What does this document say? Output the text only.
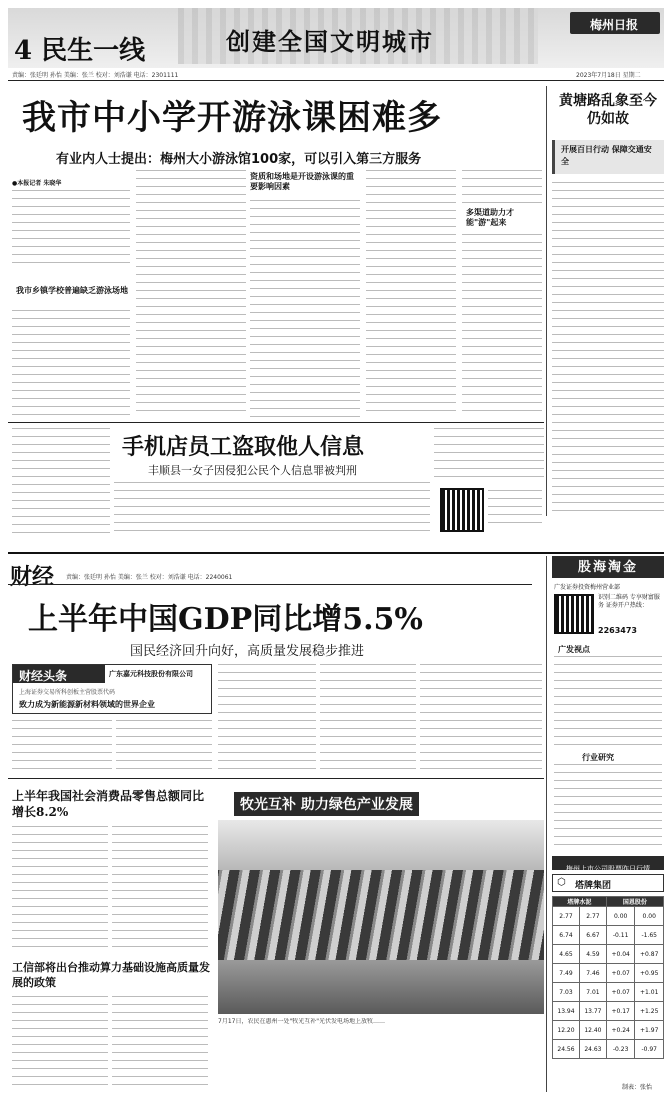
4 民生一线	创建全国文明城市
梅州日报
责编：张廷明 孙怡 美编：张兰 校对：刘浩谦 电话：2301111	2023年7月18日 星期二
我市中小学开游泳课困难多
有业内人士提出：梅州大小游泳馆100家，可以引入第三方服务
●本报记者 朱晓华
我市乡镇学校普遍缺乏游泳场地
资质和场地是开设游泳课的重要影响因素
多渠道助力才能"游"起来
黄塘路乱象至今仍如故
开展百日行动 保障交通安全
手机店员工盗取他人信息
丰顺县一女子因侵犯公民个人信息罪被判刑
财经 责编：张廷明 孙怡 美编：张兰 校对：刘浩谦 电话：2240061
上半年中国GDP同比增5.5%
国民经济回升向好，高质量发展稳步推进
财经头条	广东嘉元科技股份有限公司
上海证券交易所科创板主营股票代码
致力成为新能源新材料领域的世界企业
上半年我国社会消费品零售总额同比增长8.2%
工信部将出台推动算力基础设施高质量发展的政策
牧光互补 助力绿色产业发展
7月17日，农民在惠州一处"牧光互补"光伏发电场地上放牧……
股海淘金
广发证券投资梅州营业部
识别二维码 专享财富服务 证券开户热线：
2263473
广发视点
行业研究
梅州上市公司股票昨日行情
⬡ 塔牌集团
塔牌水泥		国恩股份	
2.77	2.77	0.00	0.00
6.74	6.67	-0.11	-1.65
4.65	4.59	+0.04	+0.87
7.49	7.46	+0.07	+0.95
7.03	7.01	+0.07	+1.01
13.94	13.77	+0.17	+1.25
12.20	12.40	+0.24	+1.97
24.56	24.63	-0.23	-0.97
制表：张怡
